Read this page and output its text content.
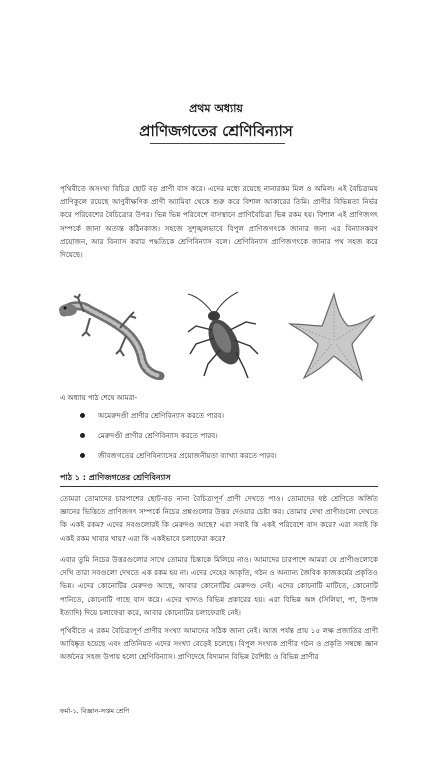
প্রথম অধ্যায়
প্রাণিজগতের শ্রেণিবিন্যাস
পৃথিবীতে অসংখ্য বিচিত্র ছোট বড় প্রাণী বাস করে। এদের মধ্যে রয়েছে নানারকম মিল ও অমিল। এই বৈচিত্র্যময় প্রাণিকুলে রয়েছে আণুবীক্ষণিক প্রাণী অ্যামিবা থেকে শুরু করে বিশাল আকারের তিমি। প্রাণীর বিভিন্নতা নির্ভর করে পরিবেশের বৈচিত্র্যের উপর। ভিন্ন ভিন্ন পরিবেশে বাসস্থানে প্রাণিবৈচিত্র্য ভিন্ন রকম হয়। বিশাল এই প্রাণিজগৎ সম্পর্কে জানা অত্যন্ত কঠিনকাজ। সহজে সুশৃঙ্খলভাবে বিপুল প্রাণিজগৎকে জানার জন্য এর বিন্যাসকরণ প্রয়োজন, আর বিন্যাস করার পদ্ধতিকে শ্রেণিবিন্যাস বলে। শ্রেণিবিন্যাস প্রাণিজগৎকে জানার পথ সহজ করে দিয়েছে।
এ অধ্যায় পাঠ শেষে আমরা-
অমেরুদণ্ডী প্রাণীর শ্রেণিবিন্যাস করতে পারব।
মেরুদণ্ডী প্রাণীর শ্রেণিবিন্যাস করতে পারব।
জীবজগতের শ্রেণিবিন্যাসের প্রয়োজনীয়তা ব্যাখ্যা করতে পারব।
পাঠ ১ : প্রাণিজগতের শ্রেণিবিন্যাস
তোমরা তোমাদের চারপাশের ছোট-বড় নানা বৈচিত্র্যপূর্ণ প্রাণী দেখতে পাও। তোমাদের ষষ্ঠ শ্রেণিতে অর্জিত জ্ঞানের ভিত্তিতে প্রাণিজগৎ সম্পর্কে নিচের প্রশ্নগুলোর উত্তর দেওয়ার চেষ্টা কর। তোমার দেখা প্রাণীগুলো দেখতে কি একই রকম? এদের সবগুলোরই কি মেরুদণ্ড আছে? এরা সবাই কি একই পরিবেশে বাস করে? এরা সবাই কি একই রকম খাবার খায়? এরা কি একইভাবে চলাফেরা করে?
এবার তুমি নিচের উত্তরগুলোর সাথে তোমার চিন্তাকে মিলিয়ে নাও। আমাদের চারপাশে আমরা যে প্রাণীগুলোকে দেখি তারা সবগুলো দেখতে এক রকম হয় না। এদের দেহের আকৃতি, গঠন ও অন্যান্য জৈবিক কাজকর্মের প্রকৃতিও ভিন্ন। এদের কোনোটির মেরুদণ্ড আছে, আবার কোনোটির মেরুদণ্ড নেই। এদের কোনোটি মাটিতে, কোনোটি পানিতে, কোনোটি গাছে বাস করে। এদের খাদ্যও বিভিন্ন প্রকারের হয়। এরা বিভিন্ন অঙ্গ (সিলিয়া, পা, উপাঙ্গ ইত্যাদি) দিয়ে চলাফেরা করে, আবার কোনোটির চলাফেরাই নেই।
পৃথিবীতে এ রকম বৈচিত্র্যপূর্ণ প্রাণীর সংখ্যা আমাদের সঠিক জানা নেই। আজ পর্যন্ত প্রায় ১৫ লক্ষ প্রজাতির প্রাণী আবিষ্কৃত হয়েছে এবং প্রতিনিয়ত এদের সংখ্যা বেড়েই চলেছে। বিপুল সংখ্যক প্রাণীর গঠন ও প্রকৃতি সম্বন্ধে জ্ঞান অর্জনের সহজ উপায় হলো শ্রেণিবিন্যাস। প্রাণিদেহে বিদ্যমান বিভিন্ন বৈশিষ্ট্য ও বিভিন্ন প্রাণীর
ফর্মা-১, বিজ্ঞান-সপ্তম শ্রেণি
